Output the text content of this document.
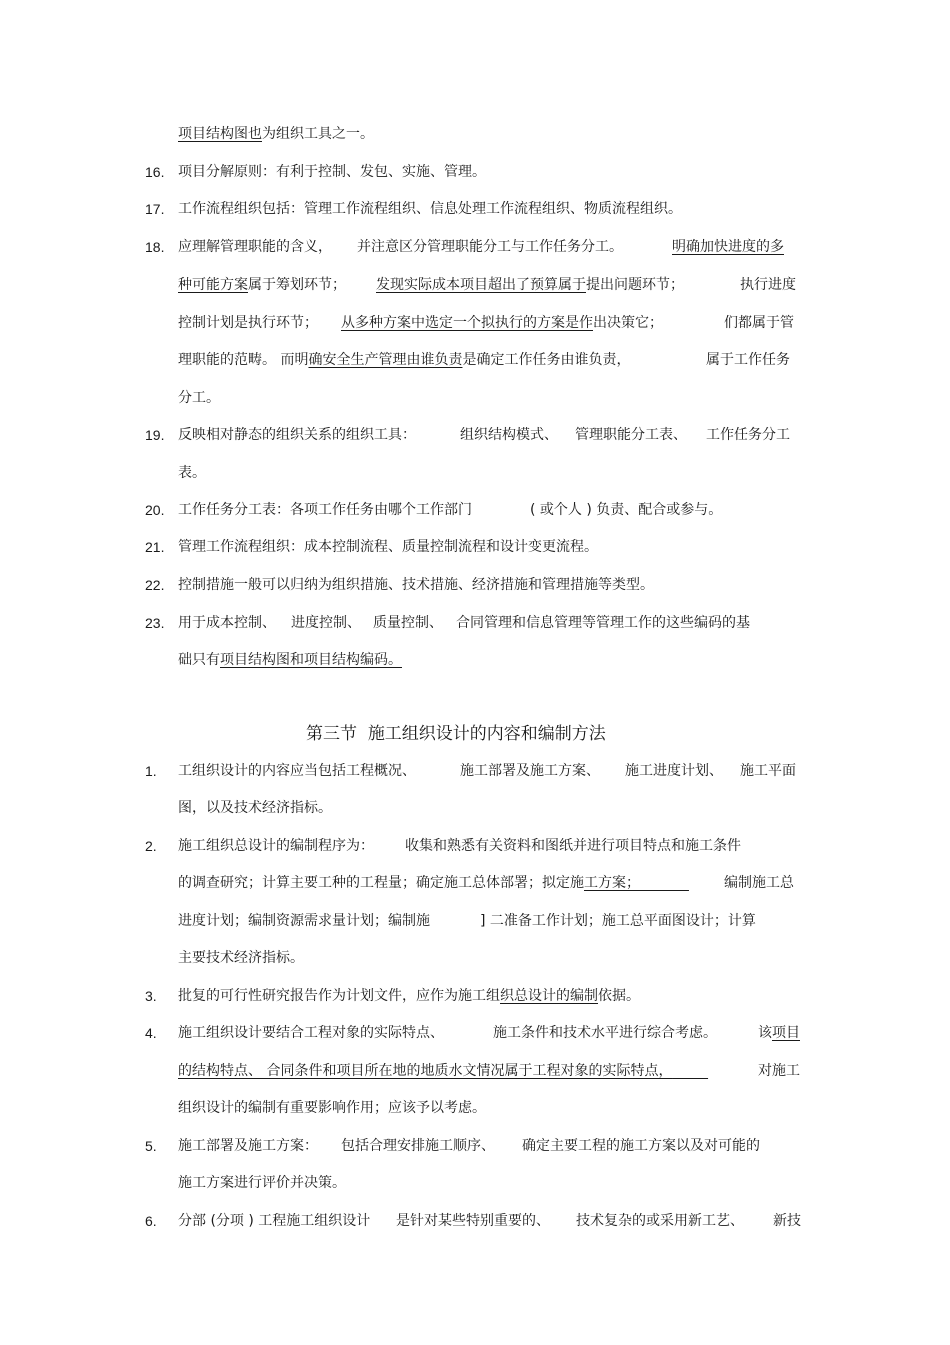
项目结构图也为组织工具之一。
16. 项目分解原则：有利于控制、发包、实施、管理。
17. 工作流程组织包括：管理工作流程组织、信息处理工作流程组织、物质流程组织。
18. 应理解管理职能的含义， 并注意区分管理职能分工与工作任务分工。	明确加快进度的多
种可能方案属于筹划环节； 发现实际成本项目超出了预算属于提出问题环节；	执行进度
控制计划是执行环节； 从多种方案中选定一个拟执行的方案是作出决策它；	们都属于管
理职能的范畴。 而明确安全生产管理由谁负责是确定工作任务由谁负责，	属于工作任务
分工。
19. 反映相对静态的组织关系的组织工具：	组织结构模式、 管理职能分工表、 工作任务分工
表。
20. 工作任务分工表：各项工作任务由哪个工作部门	( 或个人 ) 负责、配合或参与。
21. 管理工作流程组织：成本控制流程、质量控制流程和设计变更流程。
22. 控制措施一般可以归纳为组织措施、技术措施、经济措施和管理措施等类型。
23. 用于成本控制、 进度控制、 质量控制、 合同管理和信息管理等管理工作的这些编码的基
础只有项目结构图和项目结构编码。
第三节 施工组织设计的内容和编制方法
1. 工组织设计的内容应当包括工程概况、	施工部署及施工方案、 施工进度计划、 施工平面
图，以及技术经济指标。
2. 施工组织总设计的编制程序为： 收集和熟悉有关资料和图纸并进行项目特点和施工条件
的调查研究；计算主要工种的工程量；确定施工总体部署；拟定施工方案；	编制施工总
进度计划；编制资源需求量计划；编制施	] 二准备工作计划；施工总平面图设计；计算
主要技术经济指标。
3. 批复的可行性研究报告作为计划文件，应作为施工组织总设计的编制依据。
4. 施工组织设计要结合工程对象的实际特点、	施工条件和技术水平进行综合考虑。	该项目
的结构特点、 合同条件和项目所在地的地质水文情况属于工程对象的实际特点，	对施工
组织设计的编制有重要影响作用；应该予以考虑。
5. 施工部署及施工方案： 包括合理安排施工顺序、 确定主要工程的施工方案以及对可能的
施工方案进行评价并决策。
6. 分部 (分项 ) 工程施工组织设计 是针对某些特别重要的、 技术复杂的或采用新工艺、 新技
